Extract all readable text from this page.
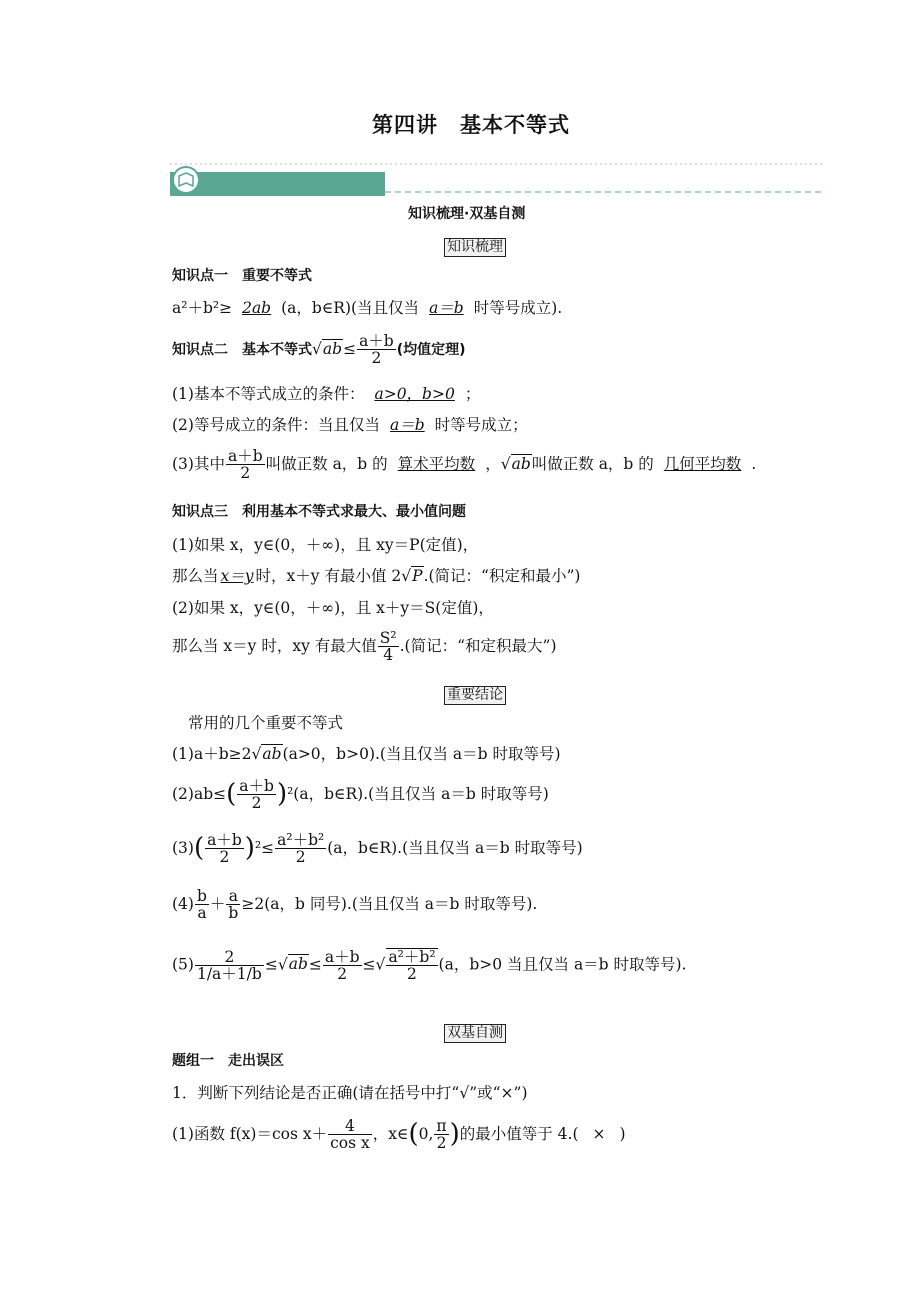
第四讲　基本不等式
知识梳理·双基自测
知识梳理
知识点一　重要不等式
a²＋b²≥ 2ab (a，b∈R)(当且仅当 a＝b 时等号成立).
知识点二　基本不等式$√ab\le \frac{a+b}{2}$ (均值定理)
(1)基本不等式成立的条件： a>0，b>0 ；
(2)等号成立的条件：当且仅当 a＝b 时等号成立；
(3)其中 $\frac{a+b}{2}$ 叫做正数 a，b 的 算术平均数 ，√ab叫做正数 a，b 的 几何平均数 .
知识点三　利用基本不等式求最大、最小值问题
(1)如果 x，y∈(0，＋∞)，且 xy＝P(定值)，
那么当 x＝y 时，x＋y 有最小值 2√P.(简记：“积定和最小”)
(2)如果 x，y∈(0，＋∞)，且 x＋y＝S(定值)，
那么当 x＝y 时，xy 有最大值 $\frac{\text{S²}}{4}$ .(简记：“和定积最大”)
重要结论
常用的几个重要不等式
(1)a＋b≥2√ab(a>0，b>0).(当且仅当 a＝b 时取等号)
$(2)ab\le( \frac{a+b}{2} )^2(a$，b∈R).(当且仅当 a＝b 时取等号)
$(3)( \frac{a+b}{2} )^2\le \frac{\text{a²＋b²}}{2} (a$，b∈R).(当且仅当 a＝b 时取等号)
$(4) \frac{b}{a} + \frac{a}{b} \ge 2(a$，b 同号).(当且仅当 a＝b 时取等号).
$(5) \frac{2}{1/a+1/b} \le√ab\le \frac{a+b}{2}$ ≤√ $\frac{\text{a²＋b²}}{2} (a$，b>0 当且仅当 a＝b 时取等号).
双基自测
题组一　走出误区
1．判断下列结论是否正确(请在括号中打“√”或“×”)
(1)函数 f(x)＝cos $x+ \frac{4}{\text{cos x}}$ ，x∈(0, $\frac{\pi}{2}$ )的最小值等于 4.( × )
